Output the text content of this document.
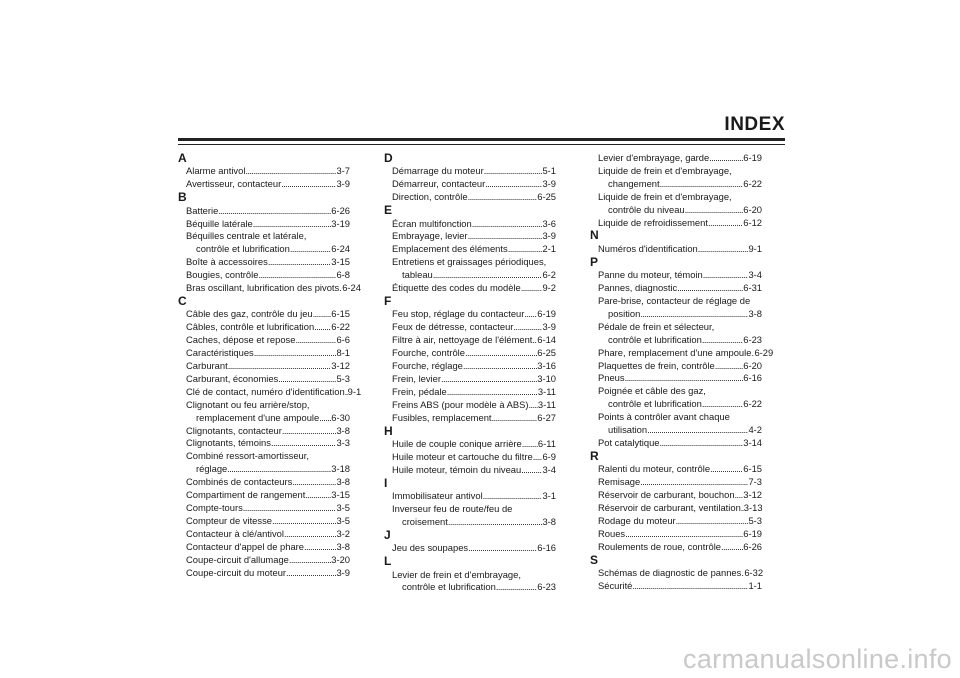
INDEX
A
Alarme antivol . . .	3-7
Avertisseur, contacteur . . .	3-9
B
Batterie . . .	6-26
Béquille latérale . . .	3-19
Béquilles centrale et latérale,
contrôle et lubrification . . .	6-24
Boîte à accessoires . . .	3-15
Bougies, contrôle . . .	6-8
Bras oscillant, lubrification des pivots . . . 6-24
C
Câble des gaz, contrôle du jeu . . . 6-15
Câbles, contrôle et lubrification . . . 6-22
Caches, dépose et repose . . .	6-6
Caractéristiques . . .	8-1
Carburant . . .	3-12
Carburant, économies . . .	5-3
Clé de contact, numéro d'identification . . . 9-1
Clignotant ou feu arrière/stop,
remplacement d'une ampoule . . . 6-30
Clignotants, contacteur . . .	3-8
Clignotants, témoins . . .	3-3
Combiné ressort-amortisseur,
réglage . . .	3-18
Combinés de contacteurs . . .	3-8
Compartiment de rangement . . .	3-15
Compte-tours . . .	3-5
Compteur de vitesse . . .	3-5
Contacteur à clé/antivol . . .	3-2
Contacteur d'appel de phare . . .	3-8
Coupe-circuit d'allumage . . .	3-20
Coupe-circuit du moteur . . .	3-9
D
Démarrage du moteur . . .	5-1
Démarreur, contacteur . . .	3-9
Direction, contrôle . . .	6-25
E
Écran multifonction . . .	3-6
Embrayage, levier . . .	3-9
Emplacement des éléments . . .	2-1
Entretiens et graissages périodiques,
tableau . . .	6-2
Étiquette des codes du modèle . . . 9-2
F
Feu stop, réglage du contacteur . . . 6-19
Feux de détresse, contacteur . . .	3-9
Filtre à air, nettoyage de l'élément . . . 6-14
Fourche, contrôle . . .	6-25
Fourche, réglage . . .	3-16
Frein, levier . . .	3-10
Frein, pédale . . .	3-11
Freins ABS (pour modèle à ABS) . . . 3-11
Fusibles, remplacement . . .	6-27
H
Huile de couple conique arrière . . . 6-11
Huile moteur et cartouche du filtre . . . 6-9
Huile moteur, témoin du niveau . . . 3-4
I
Immobilisateur antivol . . .	3-1
Inverseur feu de route/feu de
croisement . . .	3-8
J
Jeu des soupapes . . .	6-16
L
Levier de frein et d'embrayage,
contrôle et lubrification . . .	6-23
Levier d'embrayage, garde . . .	6-19
Liquide de frein et d'embrayage,
changement . . .	6-22
Liquide de frein et d'embrayage,
contrôle du niveau . . .	6-20
Liquide de refroidissement . . .	6-12
N
Numéros d'identification . . .	9-1
P
Panne du moteur, témoin . . .	3-4
Pannes, diagnostic . . .	6-31
Pare-brise, contacteur de réglage de
position . . .	3-8
Pédale de frein et sélecteur,
contrôle et lubrification . . .	6-23
Phare, remplacement d'une ampoule . . . 6-29
Plaquettes de frein, contrôle . . .	6-20
Pneus . . .	6-16
Poignée et câble des gaz,
contrôle et lubrification . . .	6-22
Points à contrôler avant chaque
utilisation . . .	4-2
Pot catalytique . . .	3-14
R
Ralenti du moteur, contrôle . . .	6-15
Remisage . . .	7-3
Réservoir de carburant, bouchon . . . 3-12
Réservoir de carburant, ventilation . . . 3-13
Rodage du moteur . . .	5-3
Roues . . .	6-19
Roulements de roue, contrôle . . . 6-26
S
Schémas de diagnostic de pannes . . . 6-32
Sécurité . . .	1-1
carmanualsonline.info
